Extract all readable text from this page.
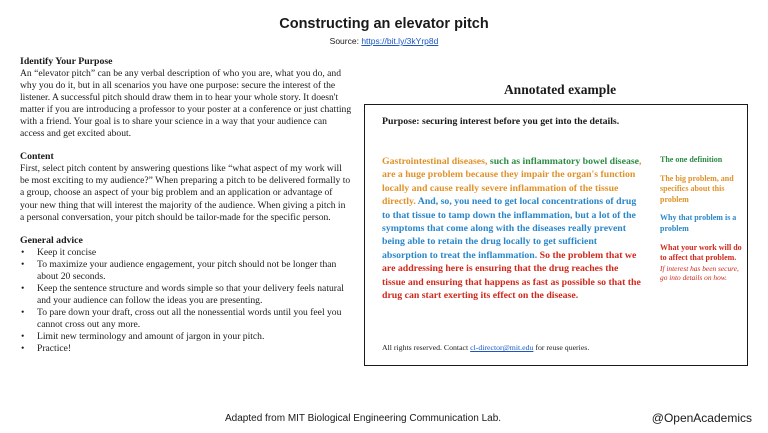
Constructing an elevator pitch
Source: https://bit.ly/3kYrp8d
Identify Your Purpose

An “elevator pitch” can be any verbal description of who you are, what you do, and why you do it, but in all scenarios you have one purpose: secure the interest of the listener. A successful pitch should draw them in to hear your whole story. It doesn't matter if you are introducing a professor to your poster at a conference or just chatting with a friend. Your goal is to share your science in a way that your audience can access and get excited about.

Content

First, select pitch content by answering questions like “what aspect of my work will be most exciting to my audience?” When preparing a pitch to be delivered formally to a group, choose an aspect of your big problem and an application or advantage of your new thing that will interest the majority of the audience. When giving a pitch in a personal conversation, your pitch should be tailor-made for the specific person.

General advice
• Keep it concise
• To maximize your audience engagement, your pitch should not be longer than about 20 seconds.
• Keep the sentence structure and words simple so that your delivery feels natural and your audience can follow the ideas you are presenting.
• To pare down your draft, cross out all the nonessential words until you feel you cannot cross out any more.
• Limit new terminology and amount of jargon in your pitch.
• Practice!
Annotated example
Purpose: securing interest before you get into the details.
Gastrointestinal diseases, such as inflammatory bowel disease, are a huge problem because they impair the organ's function locally and cause really severe inflammation of the tissue directly. And, so, you need to get local concentrations of drug to that tissue to tamp down the inflammation, but a lot of the symptoms that come along with the diseases really prevent being able to retain the drug locally to get sufficient absorption to treat the inflammation. So the problem that we are addressing here is ensuring that the drug reaches the tissue and ensuring that happens as fast as possible so that the drug can start exerting its effect on the disease.
The one definition
The big problem, and specifics about this problem
Why that problem is a problem
What your work will do to affect that problem.
If interest has been secure, go into details on how.
All rights reserved. Contact cl-director@mit.edu for reuse queries.
Adapted from MIT Biological Engineering Communication Lab.	@OpenAcademics
